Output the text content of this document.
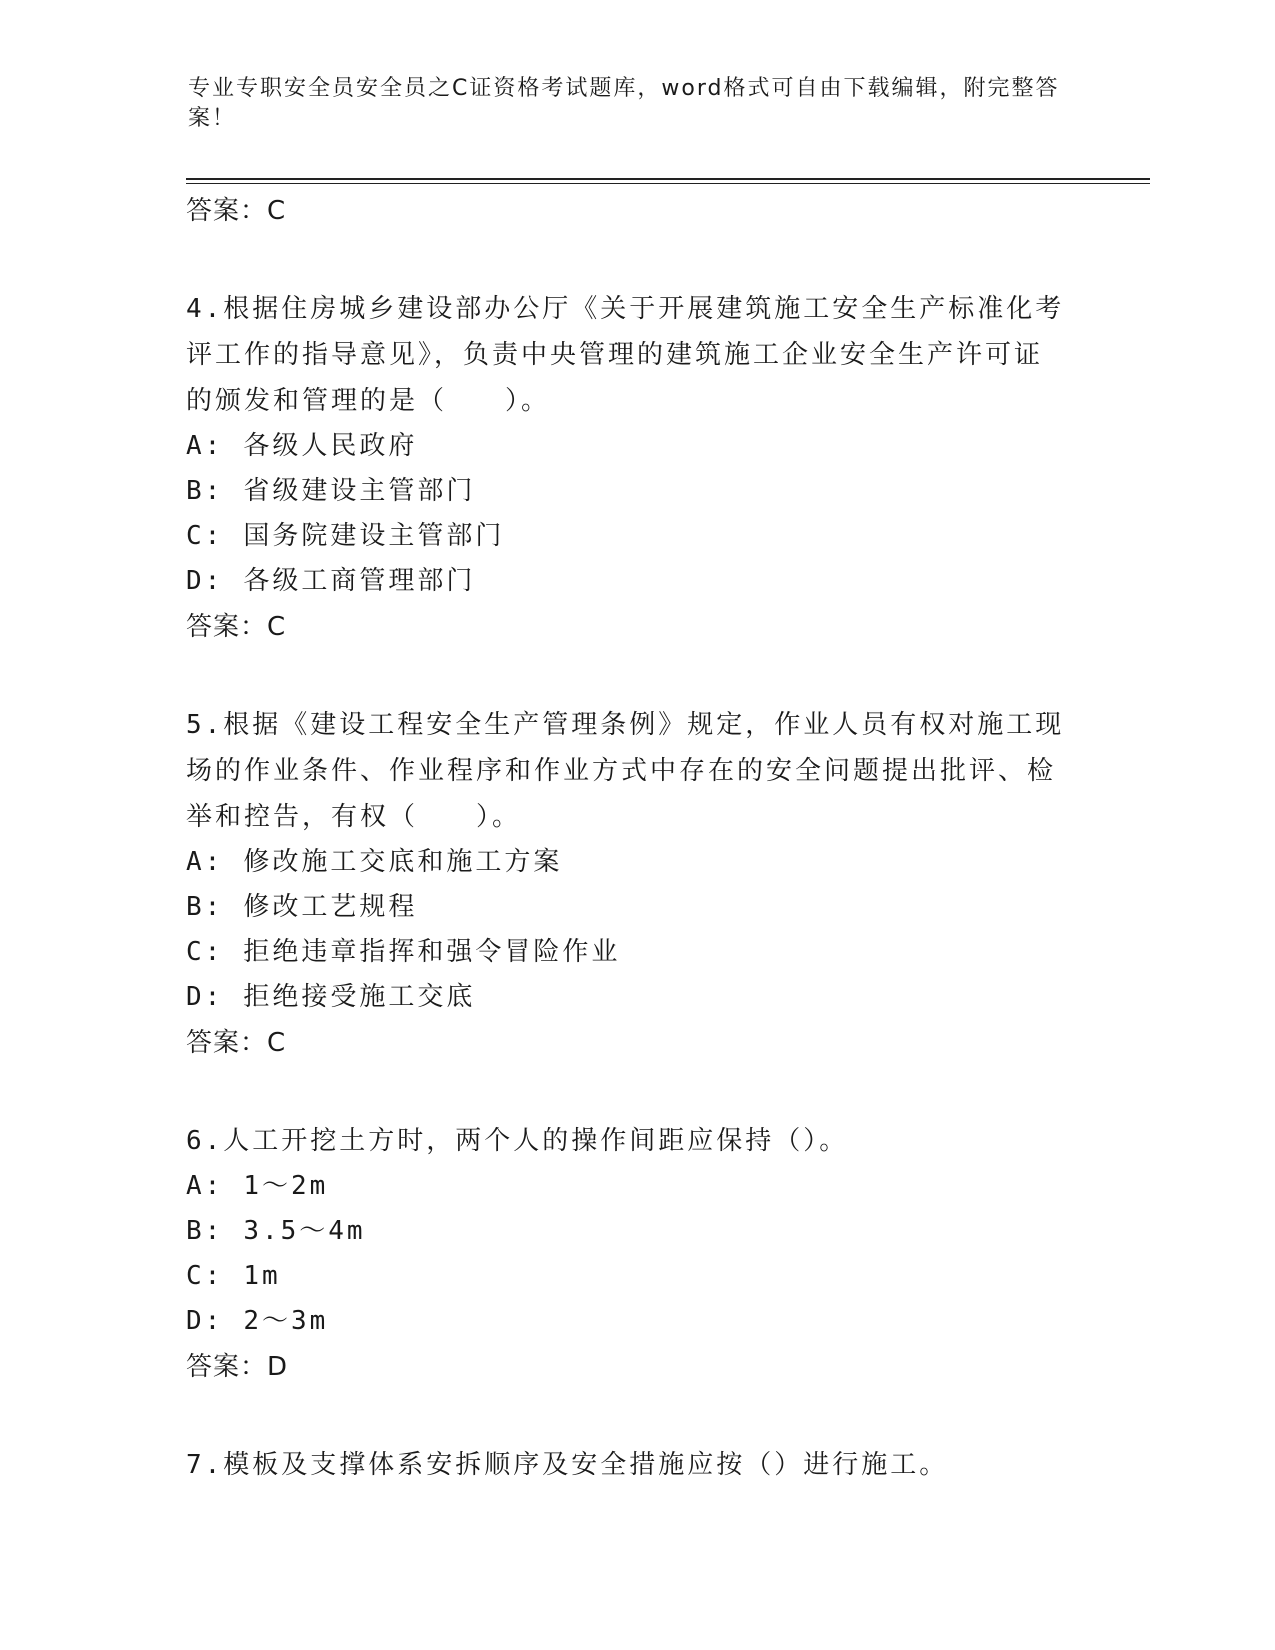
专业专职安全员安全员之C证资格考试题库，word格式可自由下载编辑，附完整答案！

答案：C

4.根据住房城乡建设部办公厅《关于开展建筑施工安全生产标准化考评工作的指导意见》，负责中央管理的建筑施工企业安全生产许可证的颁发和管理的是（　　）。

A: 各级人民政府

B: 省级建设主管部门

C: 国务院建设主管部门

D: 各级工商管理部门

答案：C

5.根据《建设工程安全生产管理条例》规定，作业人员有权对施工现场的作业条件、作业程序和作业方式中存在的安全问题提出批评、检举和控告，有权（　　）。

A: 修改施工交底和施工方案

B: 修改工艺规程

C: 拒绝违章指挥和强令冒险作业

D: 拒绝接受施工交底

答案：C

6.人工开挖土方时，两个人的操作间距应保持（）。

A: 1～2m

B: 3.5～4m

C: 1m

D: 2～3m

答案：D

7.模板及支撑体系安拆顺序及安全措施应按（）进行施工。
